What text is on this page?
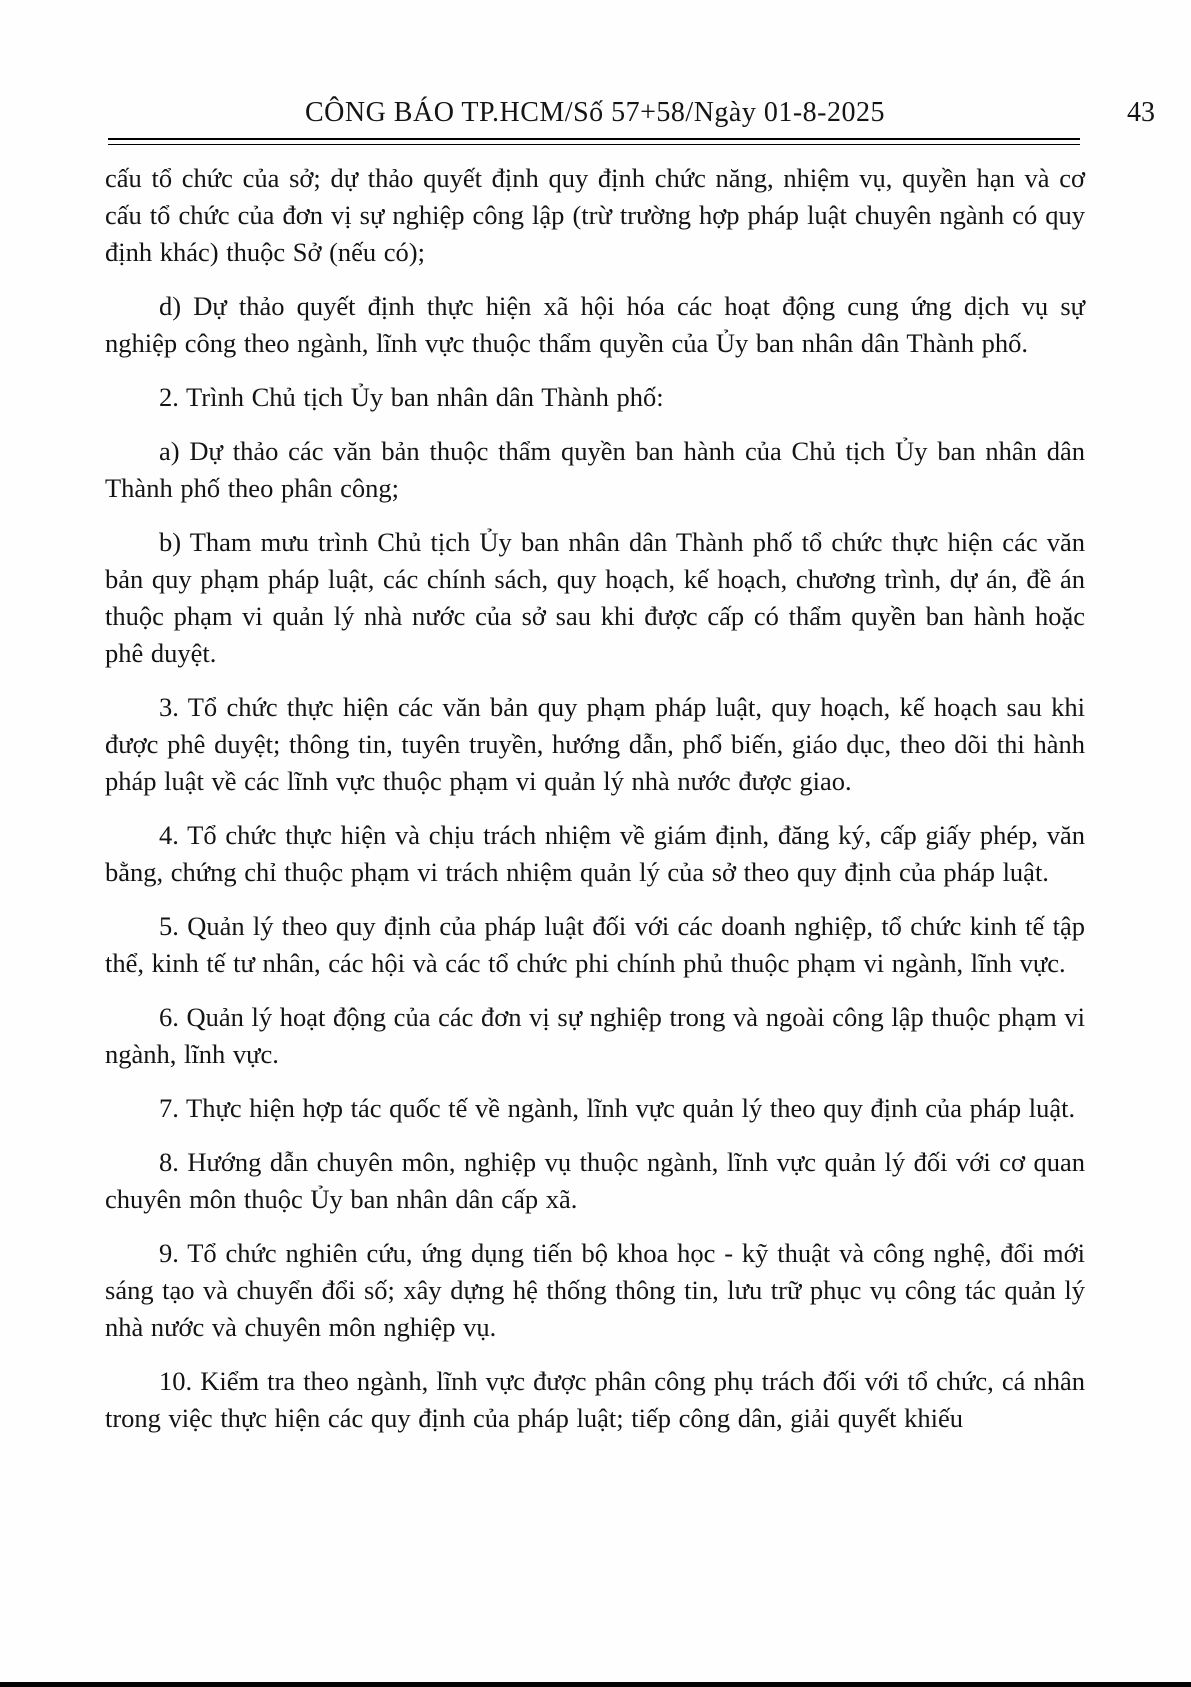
CÔNG BÁO TP.HCM/Số 57+58/Ngày 01-8-2025	43

cấu tổ chức của sở; dự thảo quyết định quy định chức năng, nhiệm vụ, quyền hạn và cơ cấu tổ chức của đơn vị sự nghiệp công lập (trừ trường hợp pháp luật chuyên ngành có quy định khác) thuộc Sở (nếu có);

d) Dự thảo quyết định thực hiện xã hội hóa các hoạt động cung ứng dịch vụ sự nghiệp công theo ngành, lĩnh vực thuộc thẩm quyền của Ủy ban nhân dân Thành phố.

2. Trình Chủ tịch Ủy ban nhân dân Thành phố:

a) Dự thảo các văn bản thuộc thẩm quyền ban hành của Chủ tịch Ủy ban nhân dân Thành phố theo phân công;

b) Tham mưu trình Chủ tịch Ủy ban nhân dân Thành phố tổ chức thực hiện các văn bản quy phạm pháp luật, các chính sách, quy hoạch, kế hoạch, chương trình, dự án, đề án thuộc phạm vi quản lý nhà nước của sở sau khi được cấp có thẩm quyền ban hành hoặc phê duyệt.

3. Tổ chức thực hiện các văn bản quy phạm pháp luật, quy hoạch, kế hoạch sau khi được phê duyệt; thông tin, tuyên truyền, hướng dẫn, phổ biến, giáo dục, theo dõi thi hành pháp luật về các lĩnh vực thuộc phạm vi quản lý nhà nước được giao.

4. Tổ chức thực hiện và chịu trách nhiệm về giám định, đăng ký, cấp giấy phép, văn bằng, chứng chỉ thuộc phạm vi trách nhiệm quản lý của sở theo quy định của pháp luật.

5. Quản lý theo quy định của pháp luật đối với các doanh nghiệp, tổ chức kinh tế tập thể, kinh tế tư nhân, các hội và các tổ chức phi chính phủ thuộc phạm vi ngành, lĩnh vực.

6. Quản lý hoạt động của các đơn vị sự nghiệp trong và ngoài công lập thuộc phạm vi ngành, lĩnh vực.

7. Thực hiện hợp tác quốc tế về ngành, lĩnh vực quản lý theo quy định của pháp luật.

8. Hướng dẫn chuyên môn, nghiệp vụ thuộc ngành, lĩnh vực quản lý đối với cơ quan chuyên môn thuộc Ủy ban nhân dân cấp xã.

9. Tổ chức nghiên cứu, ứng dụng tiến bộ khoa học - kỹ thuật và công nghệ, đổi mới sáng tạo và chuyển đổi số; xây dựng hệ thống thông tin, lưu trữ phục vụ công tác quản lý nhà nước và chuyên môn nghiệp vụ.

10. Kiểm tra theo ngành, lĩnh vực được phân công phụ trách đối với tổ chức, cá nhân trong việc thực hiện các quy định của pháp luật; tiếp công dân, giải quyết khiếu
